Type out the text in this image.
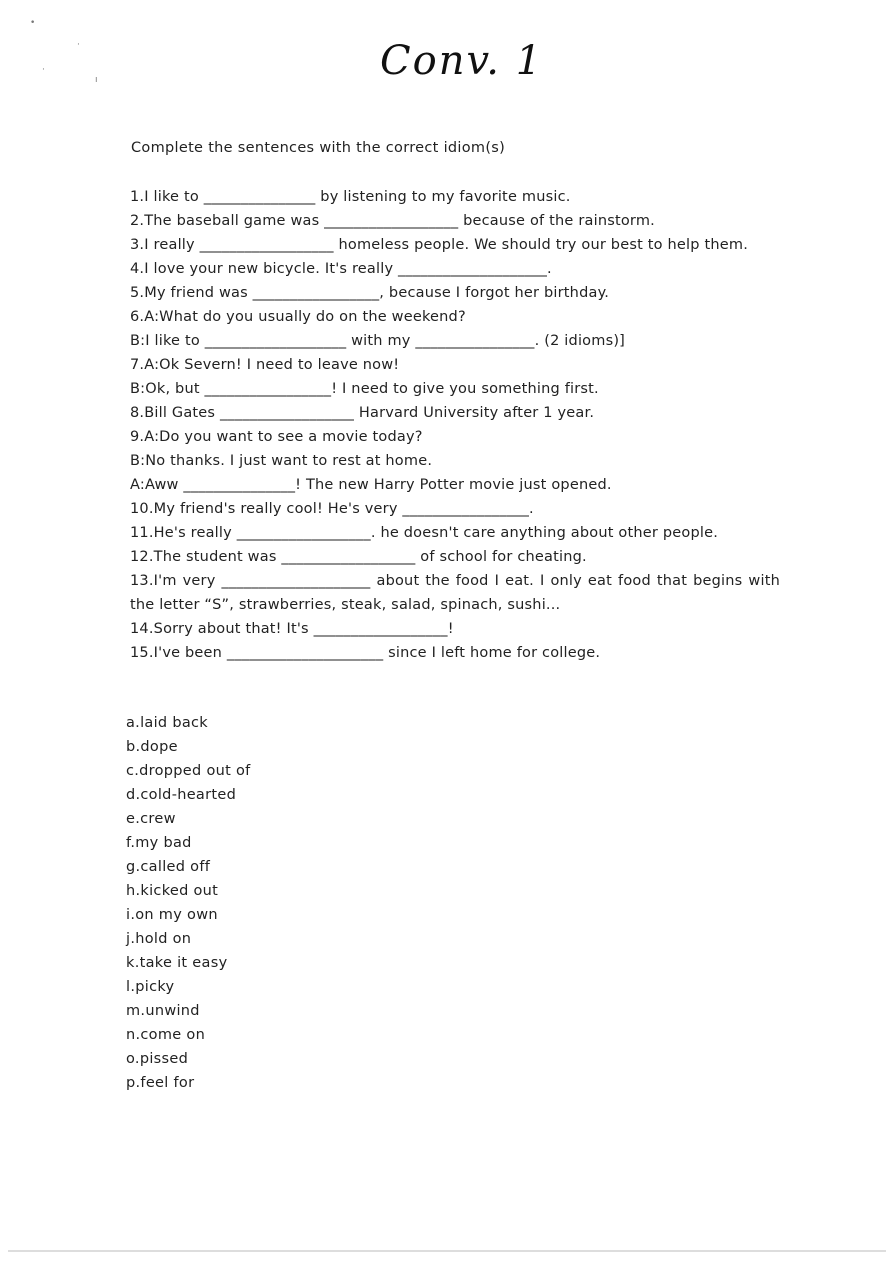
•
·
·
ı	Conv. 1
Complete the sentences with the correct idiom(s)
1.I like to _______________ by listening to my favorite music.
2.The baseball game was __________________ because of the rainstorm.
3.I really __________________ homeless people. We should try our best to help them.
4.I love your new bicycle. It's really ____________________.
5.My friend was _________________, because I forgot her birthday.
6.A:What do you usually do on the weekend?
B:I like to ___________________ with my ________________. (2 idioms)]
7.A:Ok Severn! I need to leave now!
B:Ok, but _________________! I need to give you something first.
8.Bill Gates __________________ Harvard University after 1 year.
9.A:Do you want to see a movie today?
B:No thanks. I just want to rest at home.
A:Aww _______________! The new Harry Potter movie just opened.
10.My friend's really cool! He's very _________________.
11.He's really __________________. he doesn't care anything about other people.
12.The student was __________________ of school for cheating.
13.I'm very ____________________ about the food I eat. I only eat food that begins with the letter “S”, strawberries, steak, salad, spinach, sushi...
14.Sorry about that! It's __________________!
15.I've been _____________________ since I left home for college.
a.laid back
b.dope
c.dropped out of
d.cold-hearted
e.crew
f.my bad
g.called off
h.kicked out
i.on my own
j.hold on
k.take it easy
l.picky
m.unwind
n.come on
o.pissed
p.feel for
